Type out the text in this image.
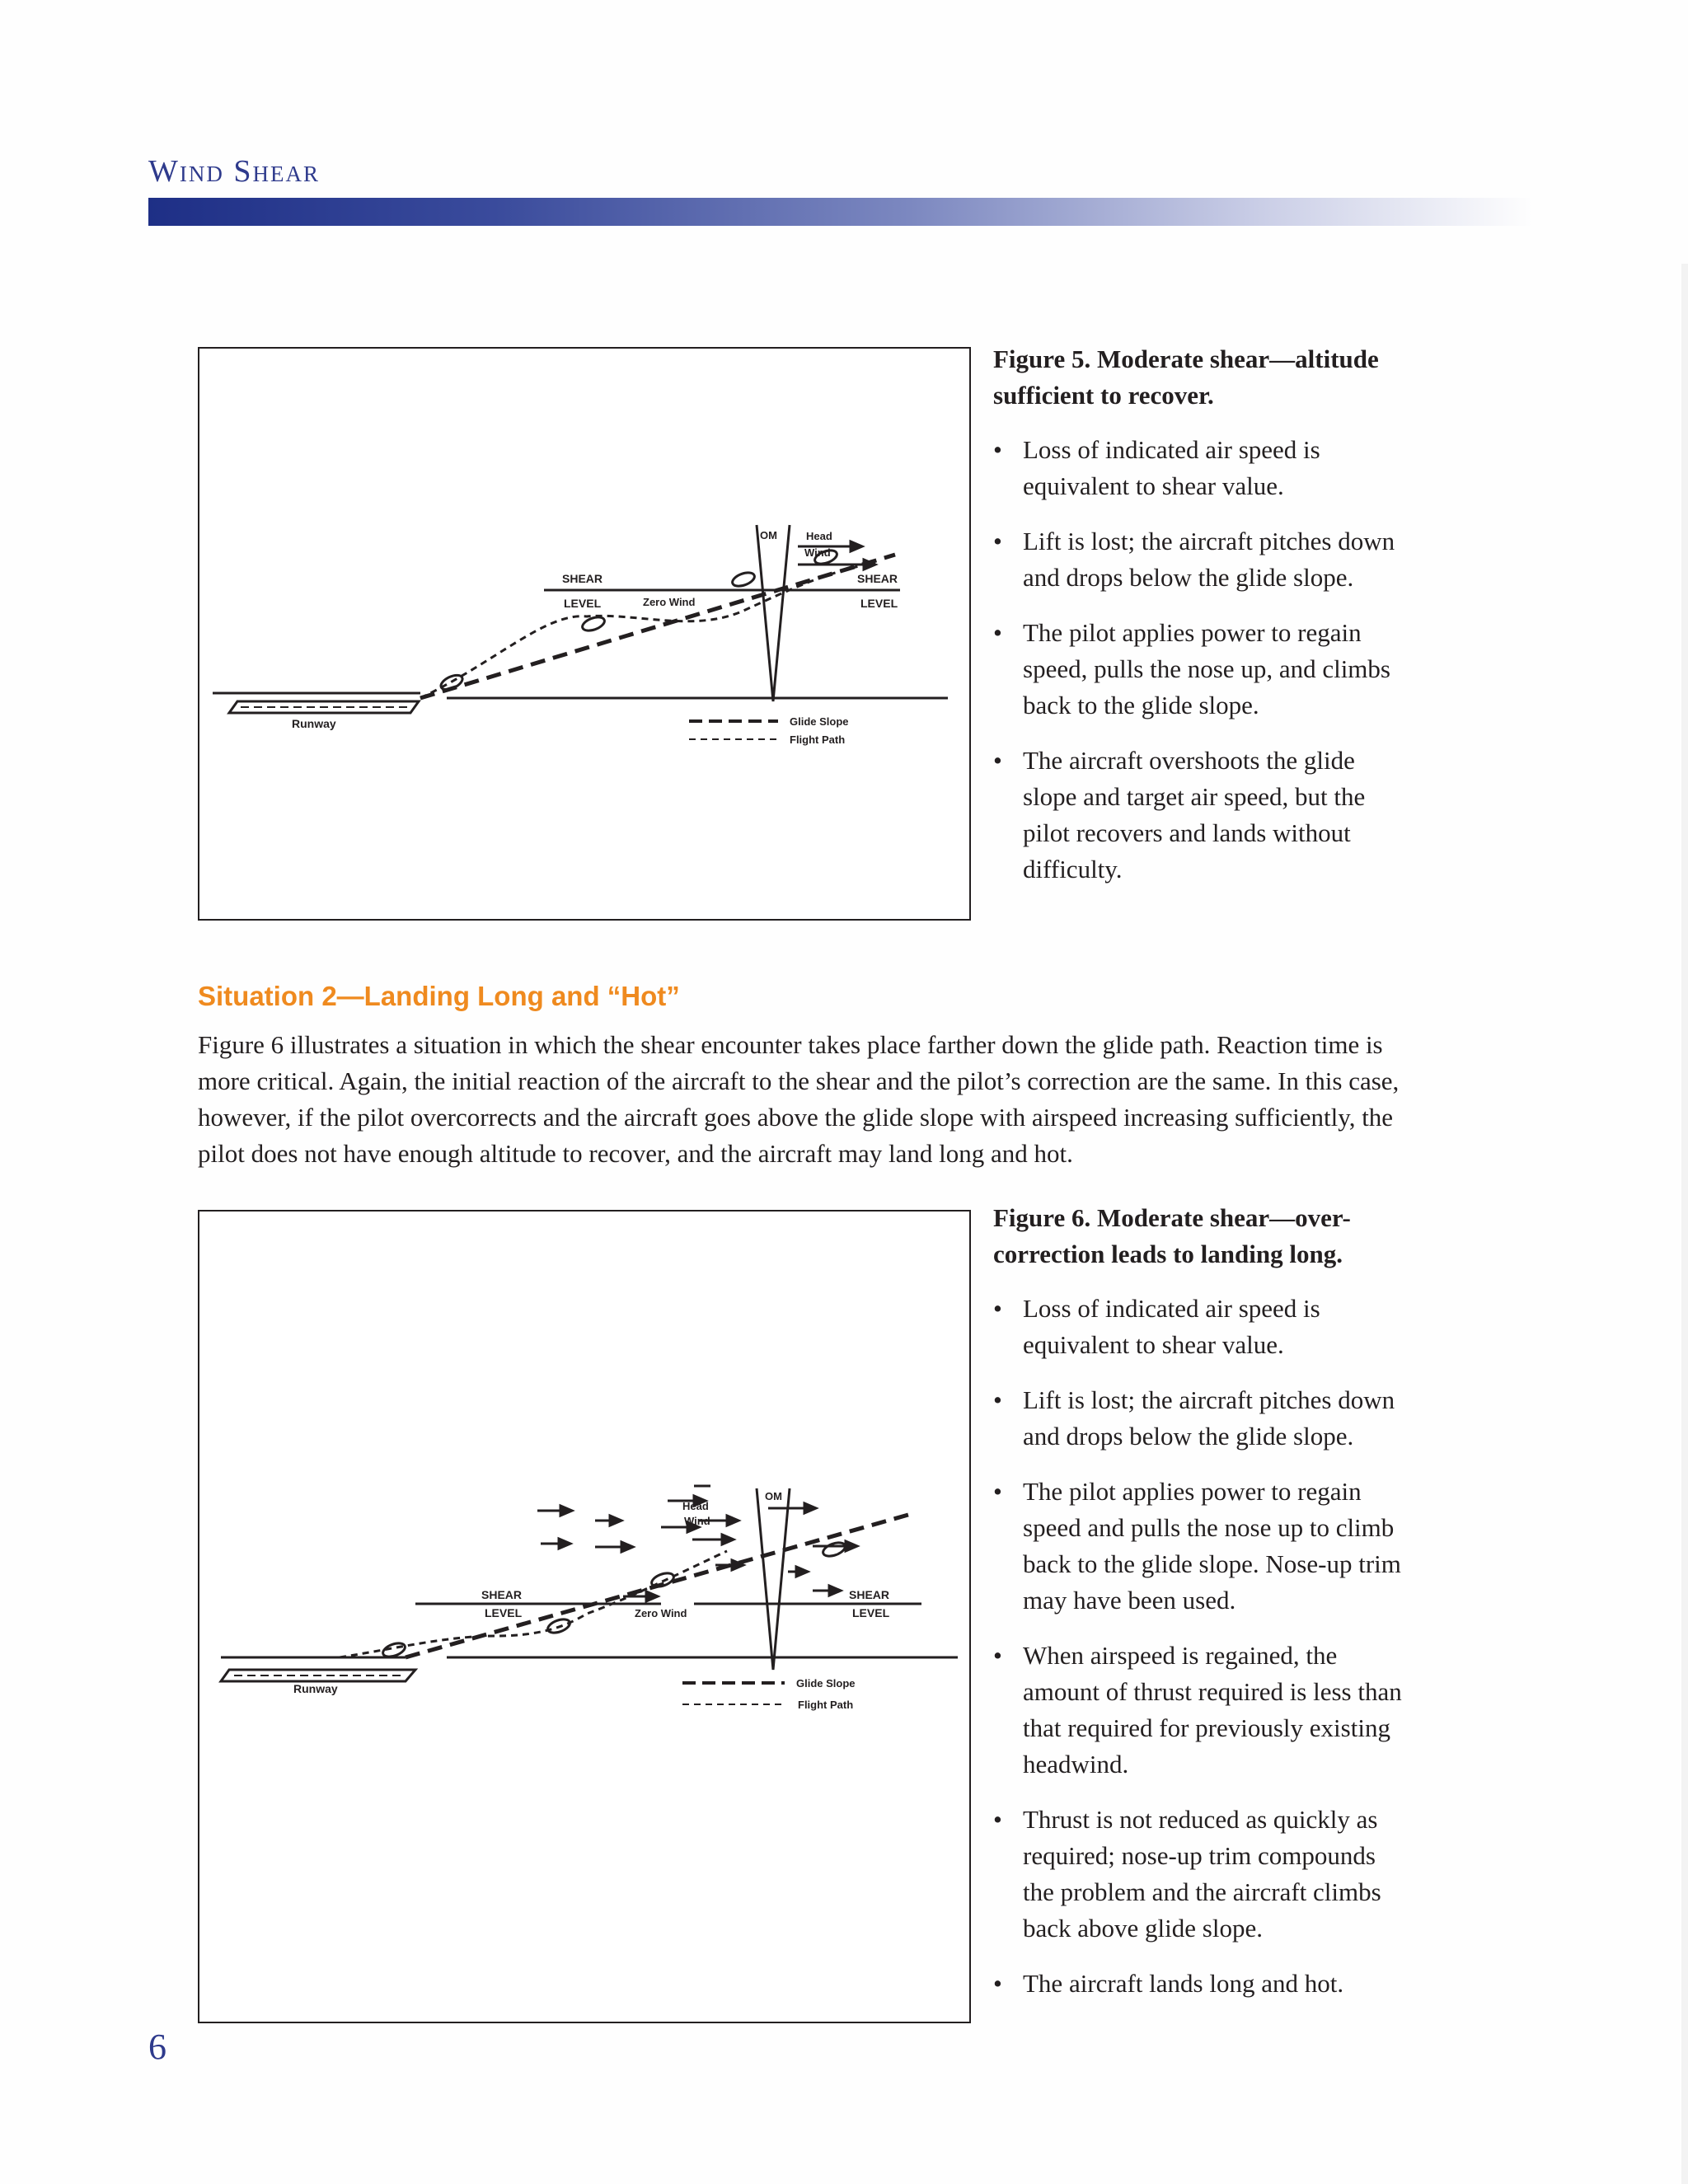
Wind Shear
OM	Head
Wind
SHEAR
LEVEL	Zero Wind
SHEAR
LEVEL
Runway	Glide Slope
Flight Path

Figure 5. Moderate shear—altitude sufficient to recover.

• Loss of indicated air speed is equivalent to shear value.
• Lift is lost; the aircraft pitches down and drops below the glide slope.
• The pilot applies power to regain speed, pulls the nose up, and climbs back to the glide slope.
• The aircraft overshoots the glide slope and target air speed, but the pilot recovers and lands without difficulty.
Situation 2—Landing Long and “Hot”
Figure 6 illustrates a situation in which the shear encounter takes place farther down the glide path. Reaction time is more critical. Again, the initial reaction of the aircraft to the shear and the pilot’s correction are the same. In this case, however, if the pilot overcorrects and the aircraft goes above the glide slope with airspeed increasing sufficiently, the pilot does not have enough altitude to recover, and the aircraft may land long and hot.
OM
Head
Wind
SHEAR
LEVEL	Zero Wind
SHEAR
LEVEL
Runway	Glide Slope
Flight Path

Figure 6. Moderate shear—over-correction leads to landing long.

• Loss of indicated air speed is equivalent to shear value.
• Lift is lost; the aircraft pitches down and drops below the glide slope.
• The pilot applies power to regain speed and pulls the nose up to climb back to the glide slope. Nose-up trim may have been used.
• When airspeed is regained, the amount of thrust required is less than that required for previously existing headwind.
• Thrust is not reduced as quickly as required; nose-up trim compounds the problem and the aircraft climbs back above glide slope.
• The aircraft lands long and hot.
6
